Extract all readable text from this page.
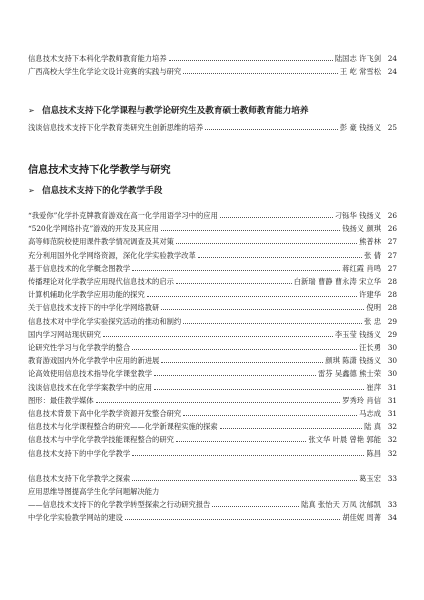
信息技术支持下本科化学教师教育能力培养	陆国志 许飞剑 24
广西高校大学生化学论文设计竞赛的实践与研究	王 屹 常雪松 24
➢ 信息技术支持下化学课程与教学论研究生及教育硕士教师教育能力培养
浅谈信息技术支持下化学教育类研究生创新思维的培养	彭 豪 钱扬义 25
信息技术支持下化学教学与研究
➢ 信息技术支持下的化学教学手段
“我爱你”化学扑克牌教育游戏在高一化学用语学习中的应用	刁铄华 钱扬义 26
“520化学网络扑克”游戏的开发及其应用	钱扬义 颜琪 26
高等师范院校使用课件教学情况调查及其对策	熊普林 27
充分利用国外化学网络资源，深化化学实验教学改革	张 倩 27
基于信息技术的化学概念图教学	蒋红霞 肖鸣 27
传播理论对化学教学应用现代信息技术的启示	白新瑞 曹静 曹永涛 宋立华 28
计算机辅助化学教学应用功能的探究	许建华 28
关于信息技术支持下的中学化学网络教研	倪明 28
信息技术对中学化学实验探究活动的推动和制约	张 忠 29
国内学习网站现状研究	李玉莹 钱扬义 29
论研究性学习与化学教学的整合	汪长勇 30
教育游戏国内外化学教学中应用的新进展	颜琪 陈潇 钱扬义 30
论高效使用信息技术指导化学课堂教学	雷芬 吴鑫德 熊士荣 30
浅谈信息技术在化学学案教学中的应用	崔萍 31
图形：最佳教学媒体	罗秀玲 肖信 31
信息技术背景下高中化学教学资源开发整合研究	马志成 31
信息技术与化学课程整合的研究——化学新课程实施的探索	陆 真 32
信息技术与中学化学教学技能课程整合的研究	张文华 叶晨 曾艳 郭能 32
信息技术支持下的中学化学教学	陈昌 32
信息技术支持下化学教学之探索	葛玉宏 33
应用思维导图提高学生化学问题解决能力
——信息技术支持下的化学教学转型探索之行动研究报告	陆真 张怡天 万凤 沈郁凯 33
中学化学实验教学网站的建设	胡佳妮 周菁 34
